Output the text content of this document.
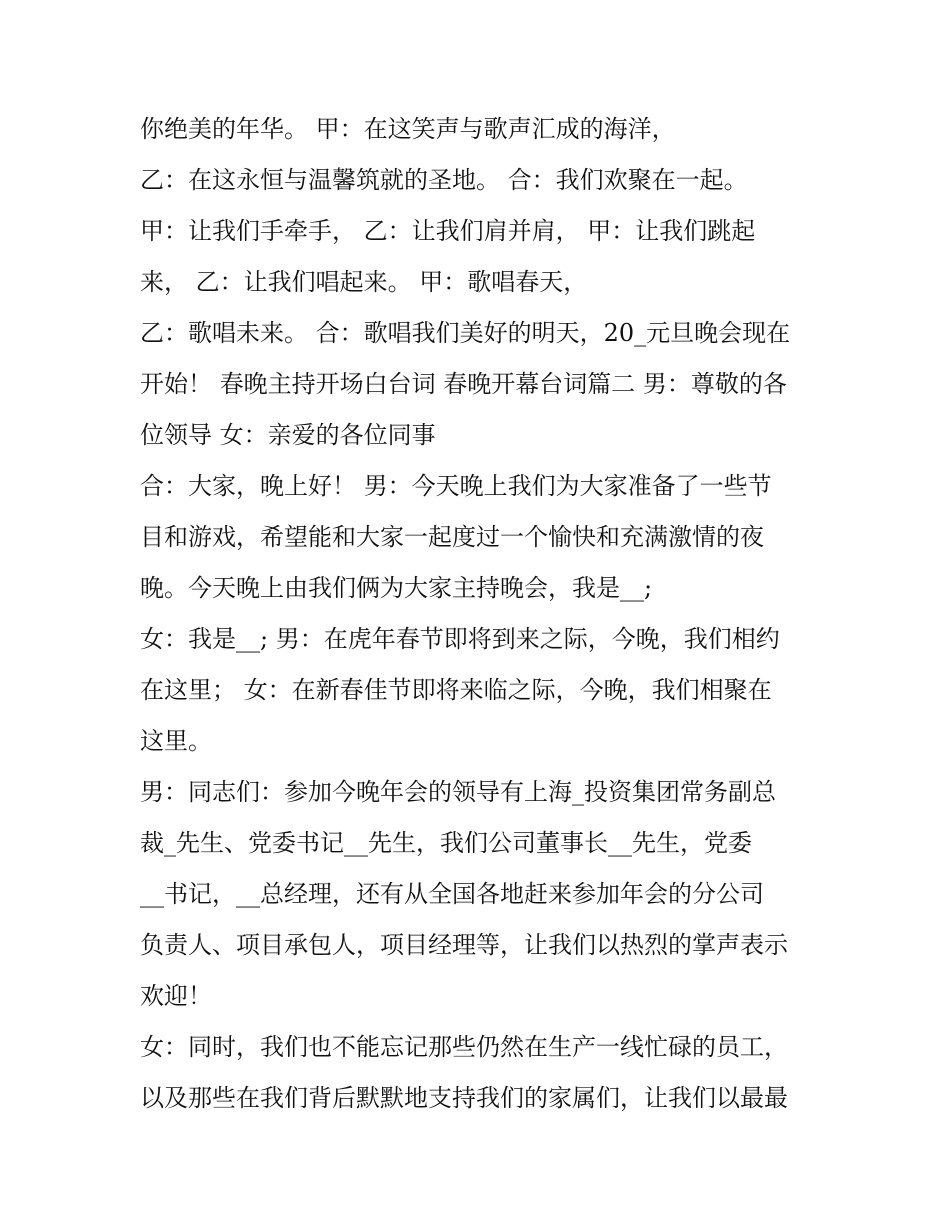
你绝美的年华。 甲：在这笑声与歌声汇成的海洋，
乙：在这永恒与温馨筑就的圣地。 合：我们欢聚在一起。
甲：让我们手牵手， 乙：让我们肩并肩， 甲：让我们跳起
来， 乙：让我们唱起来。 甲：歌唱春天，
乙：歌唱未来。 合：歌唱我们美好的明天，20_元旦晚会现在
开始！ 春晚主持开场白台词 春晚开幕台词篇二 男：尊敬的各
位领导 女：亲爱的各位同事
合：大家，晚上好！ 男：今天晚上我们为大家准备了一些节
目和游戏，希望能和大家一起度过一个愉快和充满激情的夜
晚。今天晚上由我们俩为大家主持晚会，我是__;
女：我是__; 男：在虎年春节即将到来之际，今晚，我们相约
在这里； 女：在新春佳节即将来临之际，今晚，我们相聚在
这里。
男：同志们：参加今晚年会的领导有上海_投资集团常务副总
裁_先生、党委书记__先生，我们公司董事长__先生，党委
__书记，__总经理，还有从全国各地赶来参加年会的分公司
负责人、项目承包人，项目经理等，让我们以热烈的掌声表示
欢迎！
女：同时，我们也不能忘记那些仍然在生产一线忙碌的员工，
以及那些在我们背后默默地支持我们的家属们，让我们以最最
